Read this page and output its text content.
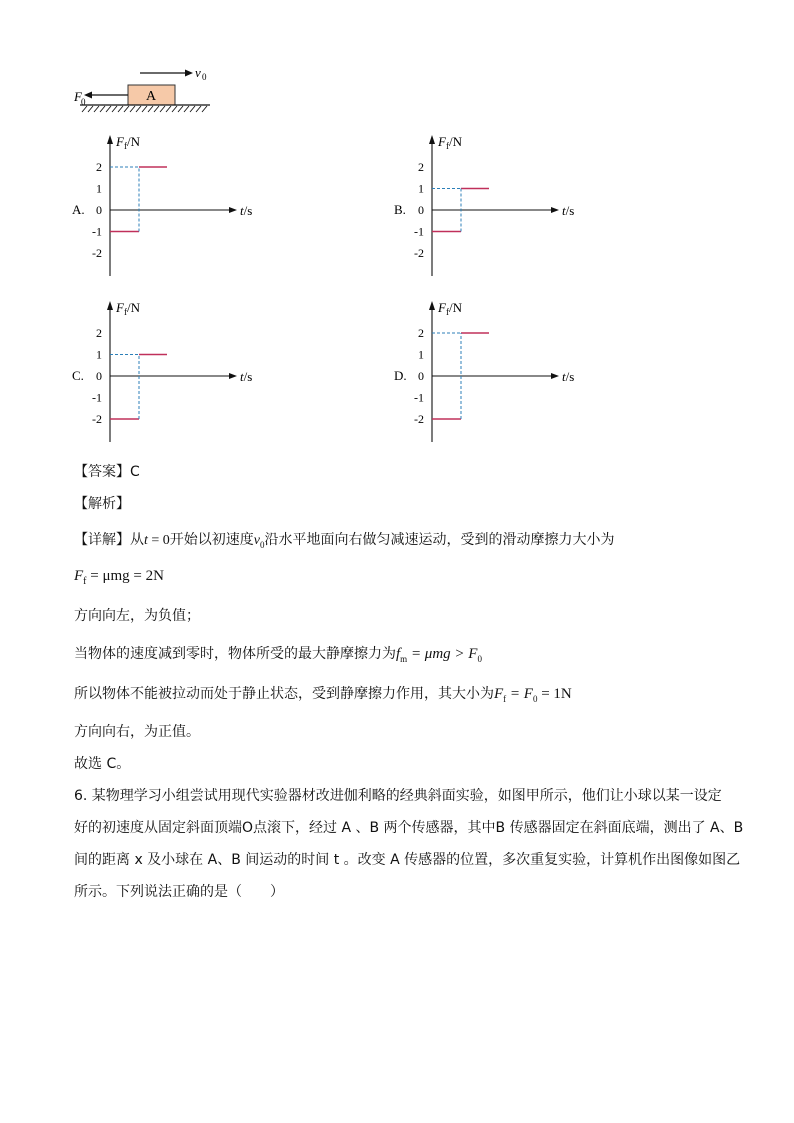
v 0
A
F 0
A.
$F_f/N$
t/s
2
1
0
-1
-2
B.
$F_f/N$
t/s
2
1
0
-1
-2
C.
$F_f/N$
t/s
2
1
0
-1
-2
D.
$F_f/N$
t/s
2
1
0
-1
-2
【答案】C
【解析】
【详解】从t = 0开始以初速度$v_0$沿水平地面向右做匀减速运动，受到的滑动摩擦力大小为
$F_f = \mu mg = 2N$
方向向左，为负值；
当物体的速度减到零时，物体所受的最大静摩擦力为$f_m = \mu mg > F_0$
所以物体不能被拉动而处于静止状态，受到静摩擦力作用，其大小为$F_f = F_0 = 1N$
方向向右，为正值。
故选 C。
6. 某物理学习小组尝试用现代实验器材改进伽利略的经典斜面实验，如图甲所示，他们让小球以某一设定
好的初速度从固定斜面顶端O点滚下，经过 A 、B 两个传感器，其中B 传感器固定在斜面底端，测出了 A、B
间的距离 x 及小球在 A、B 间运动的时间 t 。改变 A 传感器的位置，多次重复实验，计算机作出图像如图乙
所示。下列说法正确的是（　　）
